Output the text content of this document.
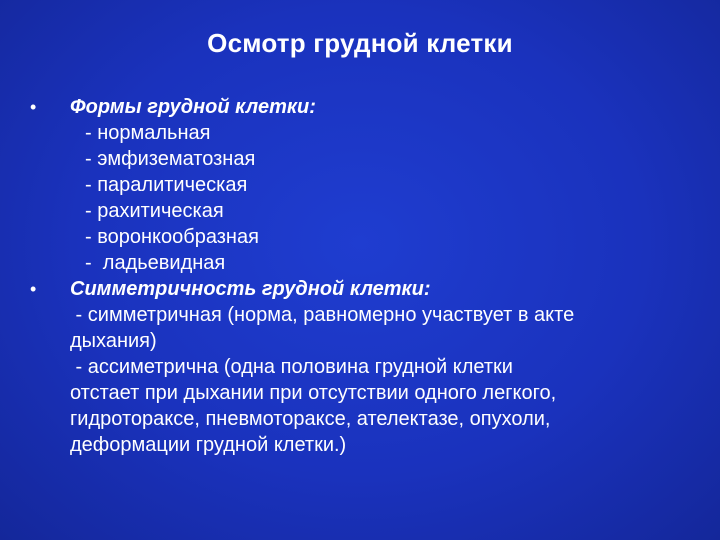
Осмотр грудной клетки
•	Формы грудной клетки:
- нормальная
- эмфизематозная
- паралитическая
- рахитическая
- воронкообразная
-  ладьевидная
•	Симметричность грудной клетки:
- симметричная (норма, равномерно участвует в акте
дыхания)
- ассиметрична (одна половина грудной клетки
отстает при дыхании при отсутствии одного легкого,
гидротораксе, пневмотораксе, ателектазе, опухоли,
деформации грудной клетки.)
